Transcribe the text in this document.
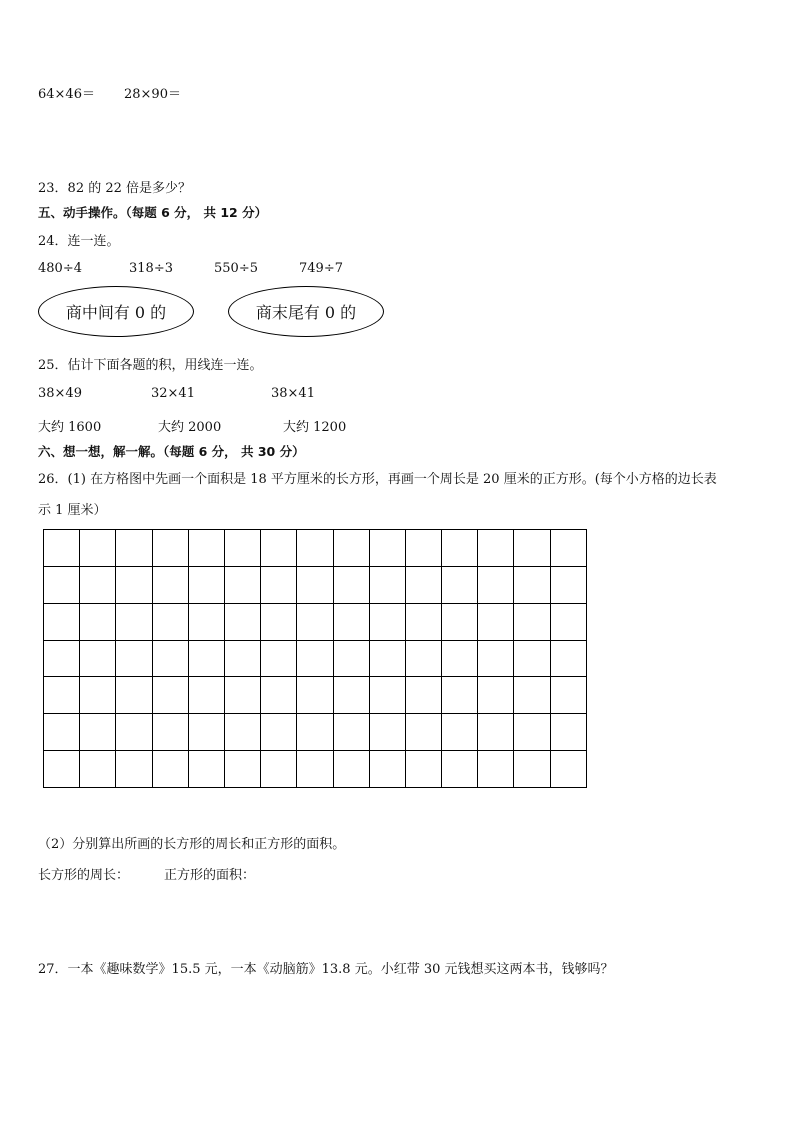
64×46＝ 28×90＝
23．82 的 22 倍是多少？
五、动手操作。（每题 6 分， 共 12 分）
24．连一连。
480÷4	318÷3	550÷5	749÷7
商中间有 0 的	商末尾有 0 的
25．估计下面各题的积，用线连一连。
38×49	32×41	38×41
大约 1600	大约 2000	大约 1200
六、想一想，解一解。（每题 6 分， 共 30 分）
26．(1) 在方格图中先画一个面积是 18 平方厘米的长方形，再画一个周长是 20 厘米的正方形。(每个小方格的边长表
示 1 厘米）

（2）分别算出所画的长方形的周长和正方形的面积。
长方形的周长：	正方形的面积：
27．一本《趣味数学》15.5 元，一本《动脑筋》13.8 元。小红带 30 元钱想买这两本书，钱够吗？
